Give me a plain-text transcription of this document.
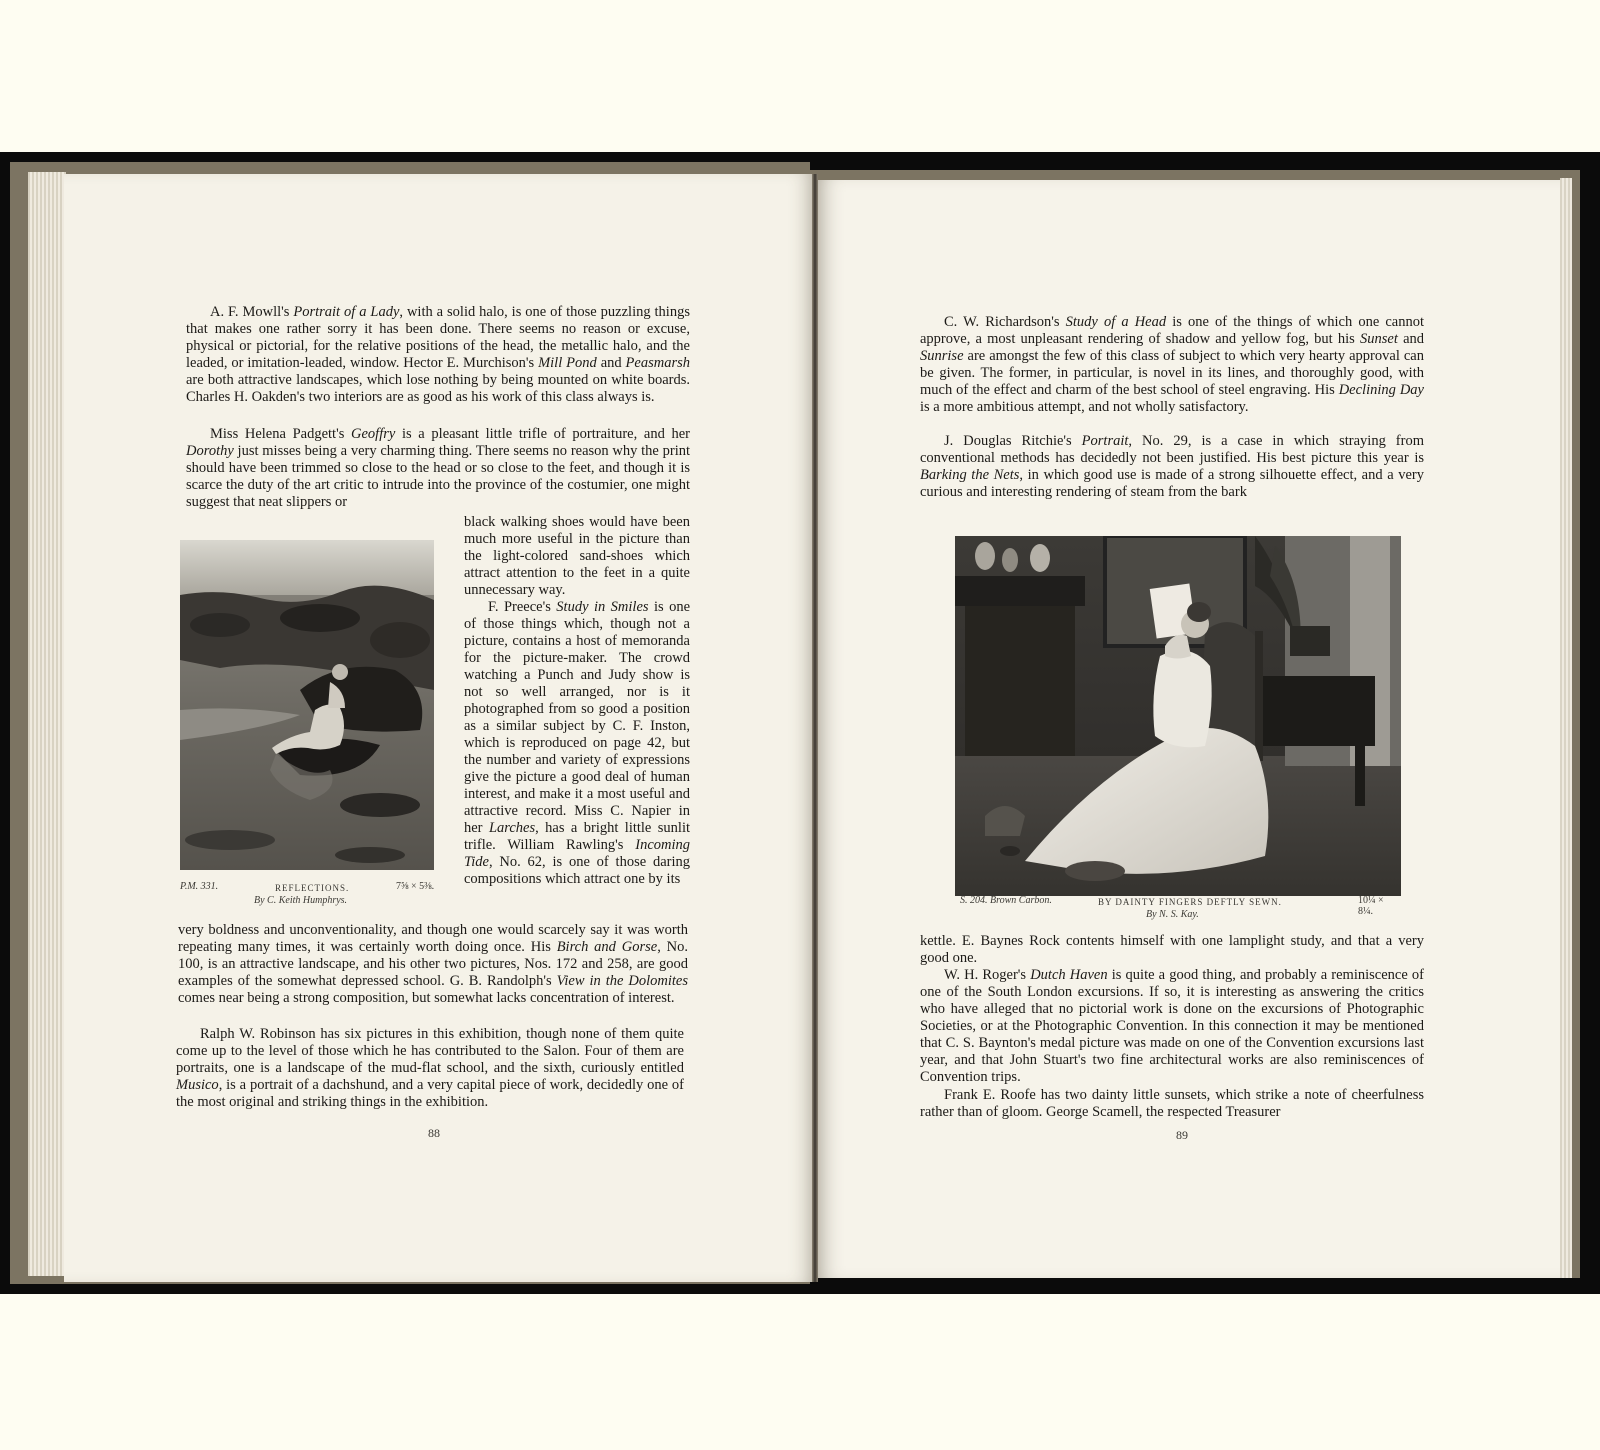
A. F. Mowll's Portrait of a Lady, with a solid halo, is one of those puzzling things that makes one rather sorry it has been done. There seems no reason or excuse, physical or pictorial, for the relative positions of the head, the metallic halo, and the leaded, or imitation-leaded, window. Hector E. Murchison's Mill Pond and Peasmarsh are both attractive landscapes, which lose nothing by being mounted on white boards. Charles H. Oakden's two interiors are as good as his work of this class always is.

Miss Helena Padgett's Geoffry is a pleasant little trifle of portraiture, and her Dorothy just misses being a very charming thing. There seems no reason why the print should have been trimmed so close to the head or so close to the feet, and though it is scarce the duty of the art critic to intrude into the province of the costumier, one might suggest that neat slippers or

black walking shoes would have been much more useful in the picture than the light-colored sand-shoes which attract attention to the feet in a quite unnecessary way.

F. Preece's Study in Smiles is one of those things which, though not a picture, contains a host of memoranda for the picture-maker. The crowd watching a Punch and Judy show is not so well arranged, nor is it photographed from so good a position as a similar subject by C. F. Inston, which is reproduced on page 42, but the number and variety of expressions give the picture a good deal of human interest, and make it a most useful and attractive record. Miss C. Napier in her Larches, has a bright little sunlit trifle. William Rawling's Incoming Tide, No. 62, is one of those daring compositions which attract one by its

P.M. 331.	REFLECTIONS.	7⅝ × 5⅜.
By C. Keith Humphrys.

very boldness and unconventionality, and though one would scarcely say it was worth repeating many times, it was certainly worth doing once. His Birch and Gorse, No. 100, is an attractive landscape, and his other two pictures, Nos. 172 and 258, are good examples of the somewhat depressed school. G. B. Randolph's View in the Dolomites comes near being a strong composition, but somewhat lacks concentration of interest.

Ralph W. Robinson has six pictures in this exhibition, though none of them quite come up to the level of those which he has contributed to the Salon. Four of them are portraits, one is a landscape of the mud-flat school, and the sixth, curiously entitled Musico, is a portrait of a dachshund, and a very capital piece of work, decidedly one of the most original and striking things in the exhibition.

88

C. W. Richardson's Study of a Head is one of the things of which one cannot approve, a most unpleasant rendering of shadow and yellow fog, but his Sunset and Sunrise are amongst the few of this class of subject to which very hearty approval can be given. The former, in particular, is novel in its lines, and thoroughly good, with much of the effect and charm of the best school of steel engraving. His Declining Day is a more ambitious attempt, and not wholly satisfactory.

J. Douglas Ritchie's Portrait, No. 29, is a case in which straying from conventional methods has decidedly not been justified. His best picture this year is Barking the Nets, in which good use is made of a strong silhouette effect, and a very curious and interesting rendering of steam from the bark

S. 204. Brown Carbon.	BY DAINTY FINGERS DEFTLY SEWN.	10¼ × 8¼.
By N. S. Kay.

kettle. E. Baynes Rock contents himself with one lamplight study, and that a very good one.

W. H. Roger's Dutch Haven is quite a good thing, and probably a reminiscence of one of the South London excursions. If so, it is interesting as answering the critics who have alleged that no pictorial work is done on the excursions of Photographic Societies, or at the Photographic Convention. In this connection it may be mentioned that C. S. Baynton's medal picture was made on one of the Convention excursions last year, and that John Stuart's two fine architectural works are also reminiscences of Convention trips.

Frank E. Roofe has two dainty little sunsets, which strike a note of cheerfulness rather than of gloom. George Scamell, the respected Treasurer

89
